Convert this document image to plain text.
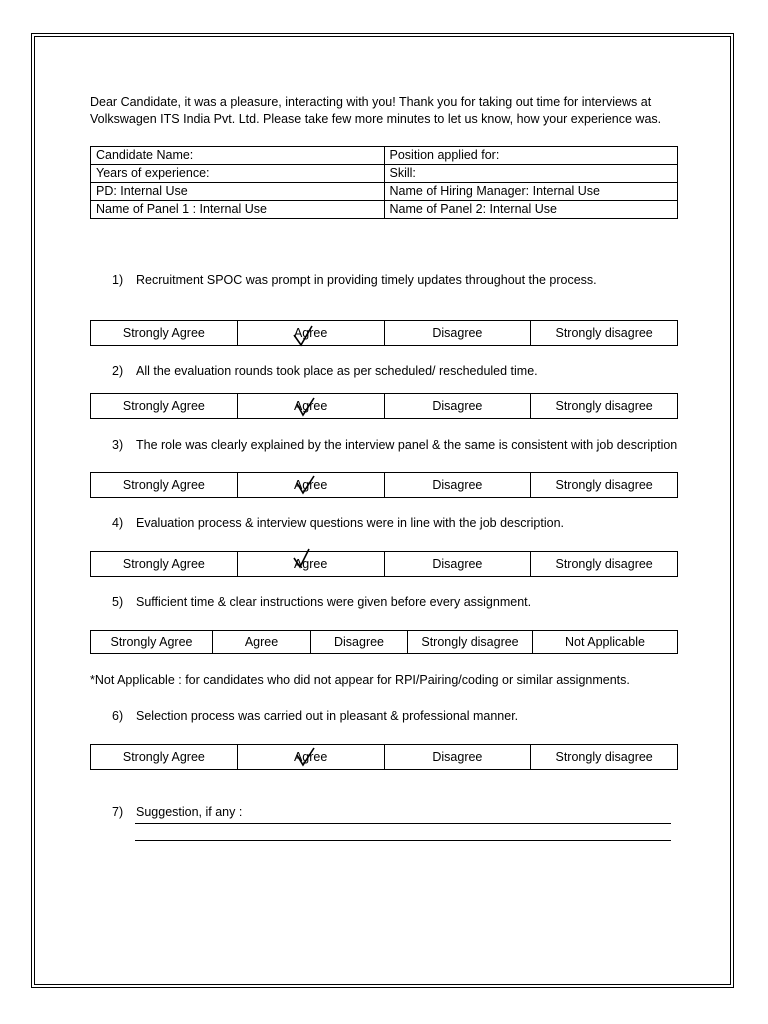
Dear Candidate, it was a pleasure, interacting with you! Thank you for taking out time for interviews at Volkswagen ITS India Pvt. Ltd. Please take few more minutes to let us know, how your experience was.
Candidate Name:	Position applied for:
Years of experience:	Skill:
PD: Internal Use	Name of Hiring Manager: Internal Use
Name of Panel 1 : Internal Use	Name of Panel 2: Internal Use
1) Recruitment SPOC was prompt in providing timely updates throughout the process.
Strongly Agree	Agree	Disagree	Strongly disagree
2) All the evaluation rounds took place as per scheduled/ rescheduled time.
Strongly Agree	Agree	Disagree	Strongly disagree
3) The role was clearly explained by the interview panel & the same is consistent with job description
Strongly Agree	Agree	Disagree	Strongly disagree
4) Evaluation process & interview questions were in line with the job description.
Strongly Agree	Agree	Disagree	Strongly disagree
5) Sufficient time & clear instructions were given before every assignment.
Strongly Agree	Agree	Disagree	Strongly disagree	Not Applicable
*Not Applicable : for candidates who did not appear for RPI/Pairing/coding or similar assignments.
6) Selection process was carried out in pleasant & professional manner.
Strongly Agree	Agree	Disagree	Strongly disagree
7) Suggestion, if any :
